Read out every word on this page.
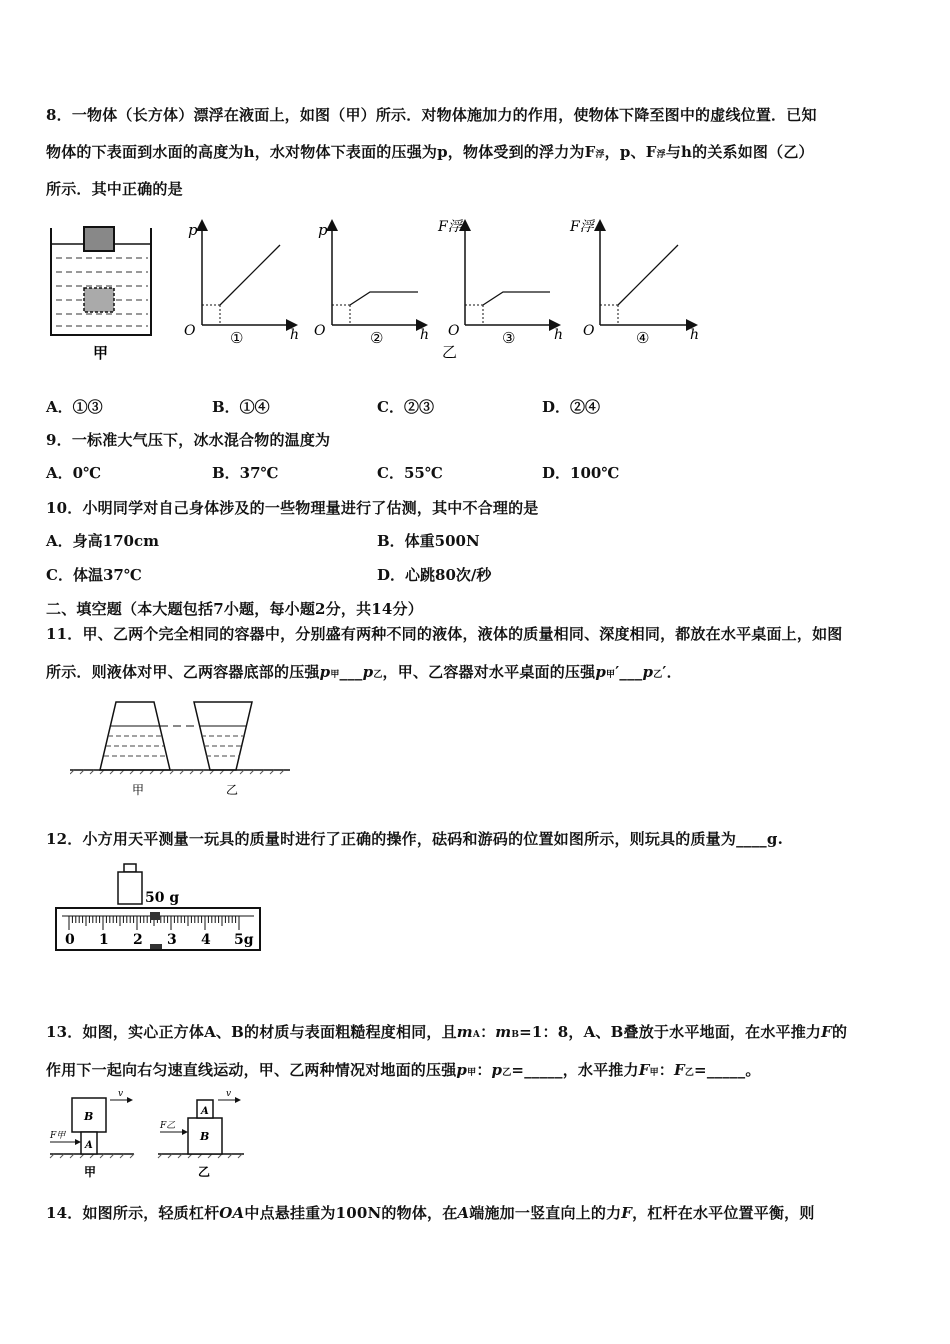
8．一物体（长方体）漂浮在液面上，如图（甲）所示．对物体施加力的作用，使物体下降至图中的虚线位置．已知
物体的下表面到水面的高度为h，水对物体下表面的压强为p，物体受到的浮力为F浮，p、F浮与h的关系如图（乙）
所示．其中正确的是
甲
p
O	h
①
p
O	h
②
F浮
O	h
③
乙
F浮
O	h
④
A．①③	B．①④	C．②③	D．②④
9．一标准大气压下，冰水混合物的温度为
A．0℃	B．37℃	C．55℃	D．100℃
10．小明同学对自己身体涉及的一些物理量进行了估测，其中不合理的是
A．身高170cm	B．体重500N
C．体温37℃	D．心跳80次/秒
二、填空题（本大题包括7小题，每小题2分，共14分）
11．甲、乙两个完全相同的容器中，分别盛有两种不同的液体，液体的质量相同、深度相同，都放在水平桌面上，如图
所示．则液体对甲、乙两容器底部的压强p甲___p乙，甲、乙容器对水平桌面的压强p甲′___p乙′．
甲	乙
12．小方用天平测量一玩具的质量时进行了正确的操作，砝码和游码的位置如图所示，则玩具的质量为____g.
50 g
0 1 2 3 4 5g
13．如图，实心正方体A、B的材质与表面粗糙程度相同，且mA：mB=1：8，A、B叠放于水平地面，在水平推力F的
作用下一起向右匀速直线运动，甲、乙两种情况对地面的压强p甲：p乙=_____，水平推力F甲：F乙=_____。
B
A
v
F甲
甲
A
B
v
F乙
乙
14．如图所示，轻质杠杆OA中点悬挂重为100N的物体，在A端施加一竖直向上的力F，杠杆在水平位置平衡，则
